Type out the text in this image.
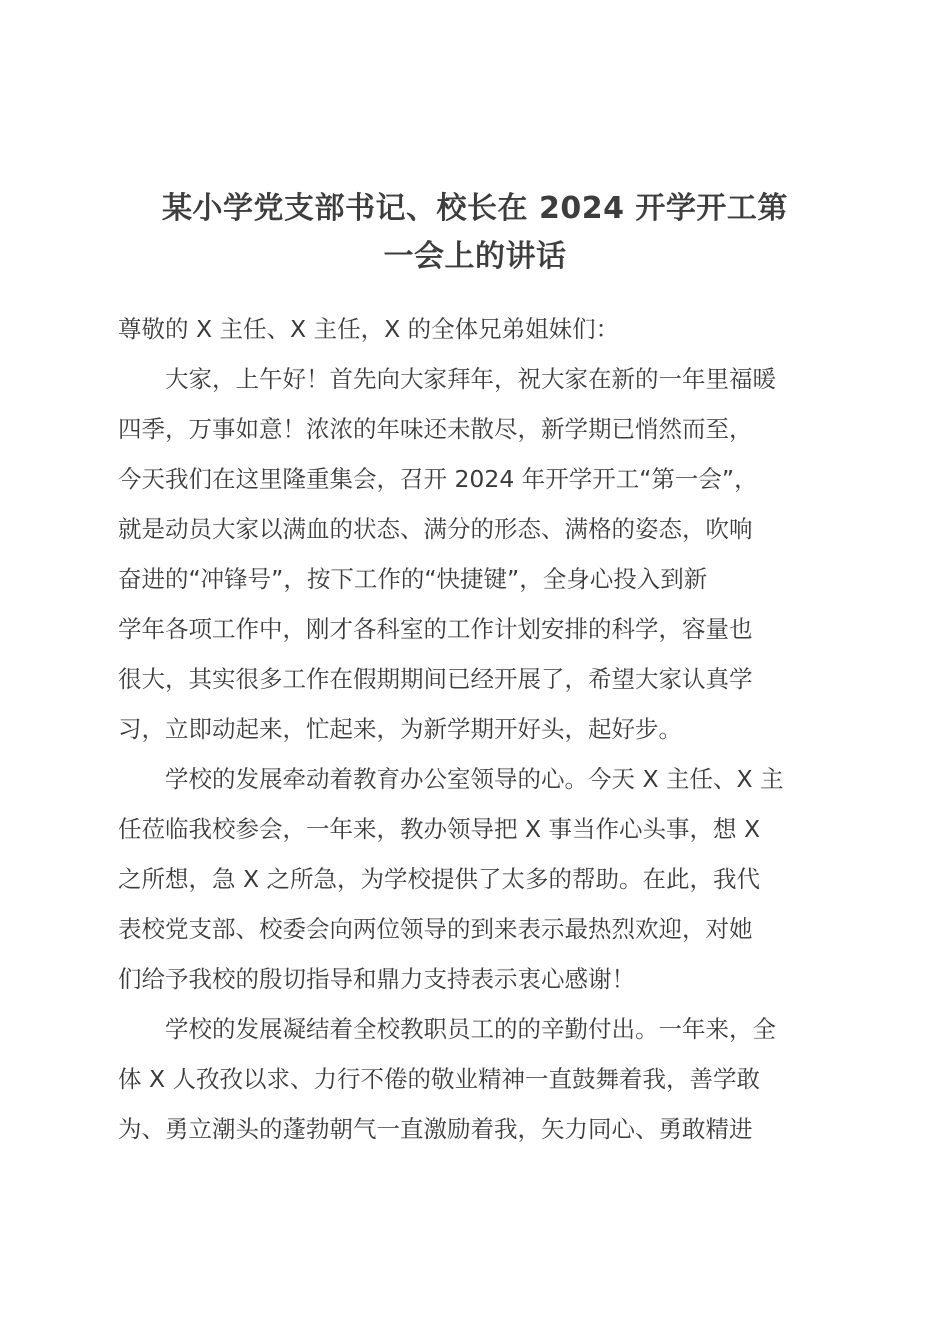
某小学党支部书记、校长在 2024 开学开工第
一会上的讲话

尊敬的 X 主任、X 主任，X 的全体兄弟姐妹们：

大家，上午好！首先向大家拜年，祝大家在新的一年里福暖
四季，万事如意！浓浓的年味还未散尽，新学期已悄然而至，
今天我们在这里隆重集会，召开 2024 年开学开工“第一会”，
就是动员大家以满血的状态、满分的形态、满格的姿态，吹响
奋进的“冲锋号”，按下工作的“快捷键”，全身心投入到新
学年各项工作中，刚才各科室的工作计划安排的科学，容量也
很大，其实很多工作在假期期间已经开展了，希望大家认真学
习，立即动起来，忙起来，为新学期开好头，起好步。

学校的发展牵动着教育办公室领导的心。今天 X 主任、X 主
任莅临我校参会，一年来，教办领导把 X 事当作心头事，想 X
之所想，急 X 之所急，为学校提供了太多的帮助。在此，我代
表校党支部、校委会向两位领导的到来表示最热烈欢迎，对她
们给予我校的殷切指导和鼎力支持表示衷心感谢！

学校的发展凝结着全校教职员工的的辛勤付出。一年来，全
体 X 人孜孜以求、力行不倦的敬业精神一直鼓舞着我，善学敢
为、勇立潮头的蓬勃朝气一直激励着我，矢力同心、勇敢精进
